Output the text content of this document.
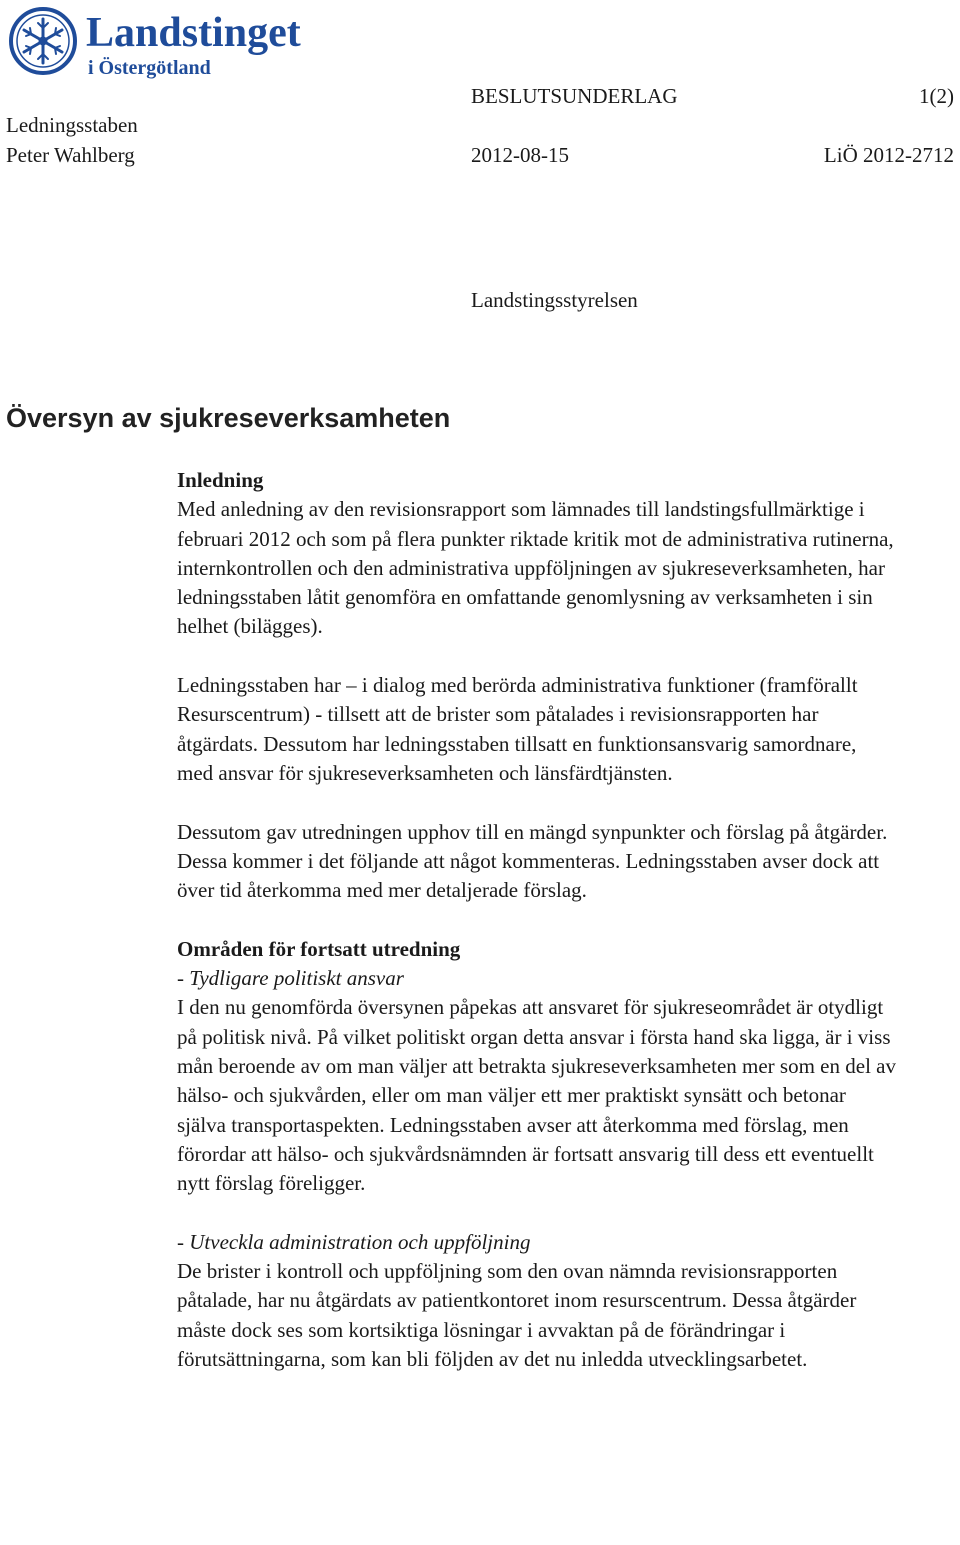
Landstinget
i Östergötland
Ledningsstaben
Peter Wahlberg
BESLUTSUNDERLAG	1(2)
2012-08-15	LiÖ 2012-2712
Landstingsstyrelsen
Översyn av sjukreseverksamheten

Inledning

Med anledning av den revisionsrapport som lämnades till landstingsfullmärktige i februari 2012 och som på flera punkter riktade kritik mot de administrativa rutinerna, internkontrollen och den administrativa uppföljningen av sjukreseverksamheten, har ledningsstaben låtit genomföra en omfattande genomlysning av verksamheten i sin helhet (bilägges).

Ledningsstaben har – i dialog med berörda administrativa funktioner (framförallt Resurscentrum) - tillsett att de brister som påtalades i revisionsrapporten har åtgärdats. Dessutom har ledningsstaben tillsatt en funktionsansvarig samordnare, med ansvar för sjukreseverksamheten och länsfärdtjänsten.

Dessutom gav utredningen upphov till en mängd synpunkter och förslag på åtgärder. Dessa kommer i det följande att något kommenteras. Ledningsstaben avser dock att över tid återkomma med mer detaljerade förslag.

Områden för fortsatt utredning

- Tydligare politiskt ansvar

I den nu genomförda översynen påpekas att ansvaret för sjukreseområdet är otydligt på politisk nivå. På vilket politiskt organ detta ansvar i första hand ska ligga, är i viss mån beroende av om man väljer att betrakta sjukreseverksamheten mer som en del av hälso- och sjukvården, eller om man väljer ett mer praktiskt synsätt och betonar själva transportaspekten. Ledningsstaben avser att återkomma med förslag, men förordar att hälso- och sjukvårdsnämnden är fortsatt ansvarig till dess ett eventuellt nytt förslag föreligger.

- Utveckla administration och uppföljning

De brister i kontroll och uppföljning som den ovan nämnda revisionsrapporten påtalade, har nu åtgärdats av patientkontoret inom resurscentrum. Dessa åtgärder måste dock ses som kortsiktiga lösningar i avvaktan på de förändringar i förutsättningarna, som kan bli följden av det nu inledda utvecklingsarbetet.
